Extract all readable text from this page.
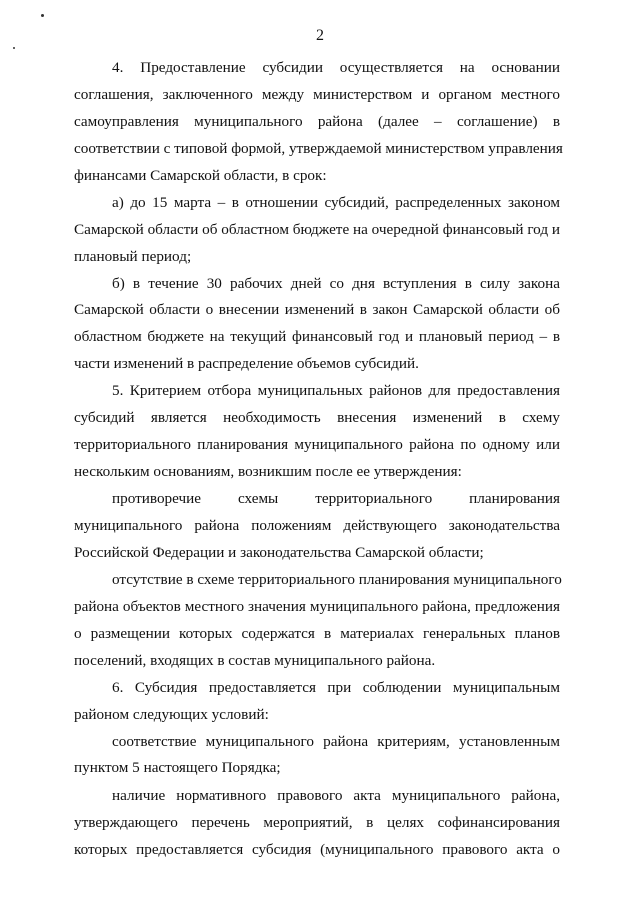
2
4. Предоставление субсидии осуществляется на основании
соглашения, заключенного между министерством и органом местного
самоуправления муниципального района (далее – соглашение) в
соответствии с типовой формой, утверждаемой министерством управления
финансами Самарской области, в срок:
а) до 15 марта – в отношении субсидий, распределенных законом
Самарской области об областном бюджете на очередной финансовый год и
плановый период;
б) в течение 30 рабочих дней со дня вступления в силу закона
Самарской области о внесении изменений в закон Самарской области об
областном бюджете на текущий финансовый год и плановый период – в
части изменений в распределение объемов субсидий.
5. Критерием отбора муниципальных районов для предоставления
субсидий является необходимость внесения изменений в схему
территориального планирования муниципального района по одному или
нескольким основаниям, возникшим после ее утверждения:
противоречие схемы территориального планирования
муниципального района положениям действующего законодательства
Российской Федерации и законодательства Самарской области;
отсутствие в схеме территориального планирования муниципального
района объектов местного значения муниципального района, предложения
о размещении которых содержатся в материалах генеральных планов
поселений, входящих в состав муниципального района.
6. Субсидия предоставляется при соблюдении муниципальным
районом следующих условий:
соответствие муниципального района критериям, установленным
пунктом 5 настоящего Порядка;
наличие нормативного правового акта муниципального района,
утверждающего перечень мероприятий, в целях софинансирования
которых предоставляется субсидия (муниципального правового акта о
